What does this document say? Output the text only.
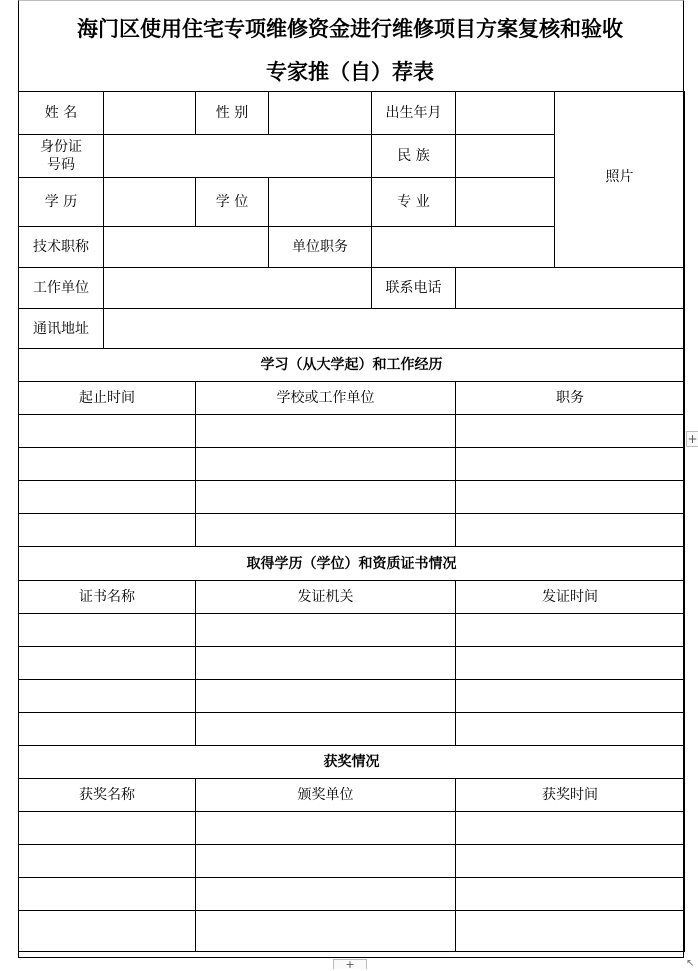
海门区使用住宅专项维修资金进行维修项目方案复核和验收
专家推（自）荐表
姓 名		性 别		出生年月		照片
身份证号码				民 族		
学 历		学 位		专 业		
技术职称			单位职务			
工作单位				联系电话		
通讯地址						
学习（从大学起）和工作经历						
起止时间		学校或工作单位			职务	

取得学历（学位）和资质证书情况						
证书名称		发证机关			发证时间	

获奖情况						
获奖名称		颁奖单位			获奖时间	

+
+	↖
